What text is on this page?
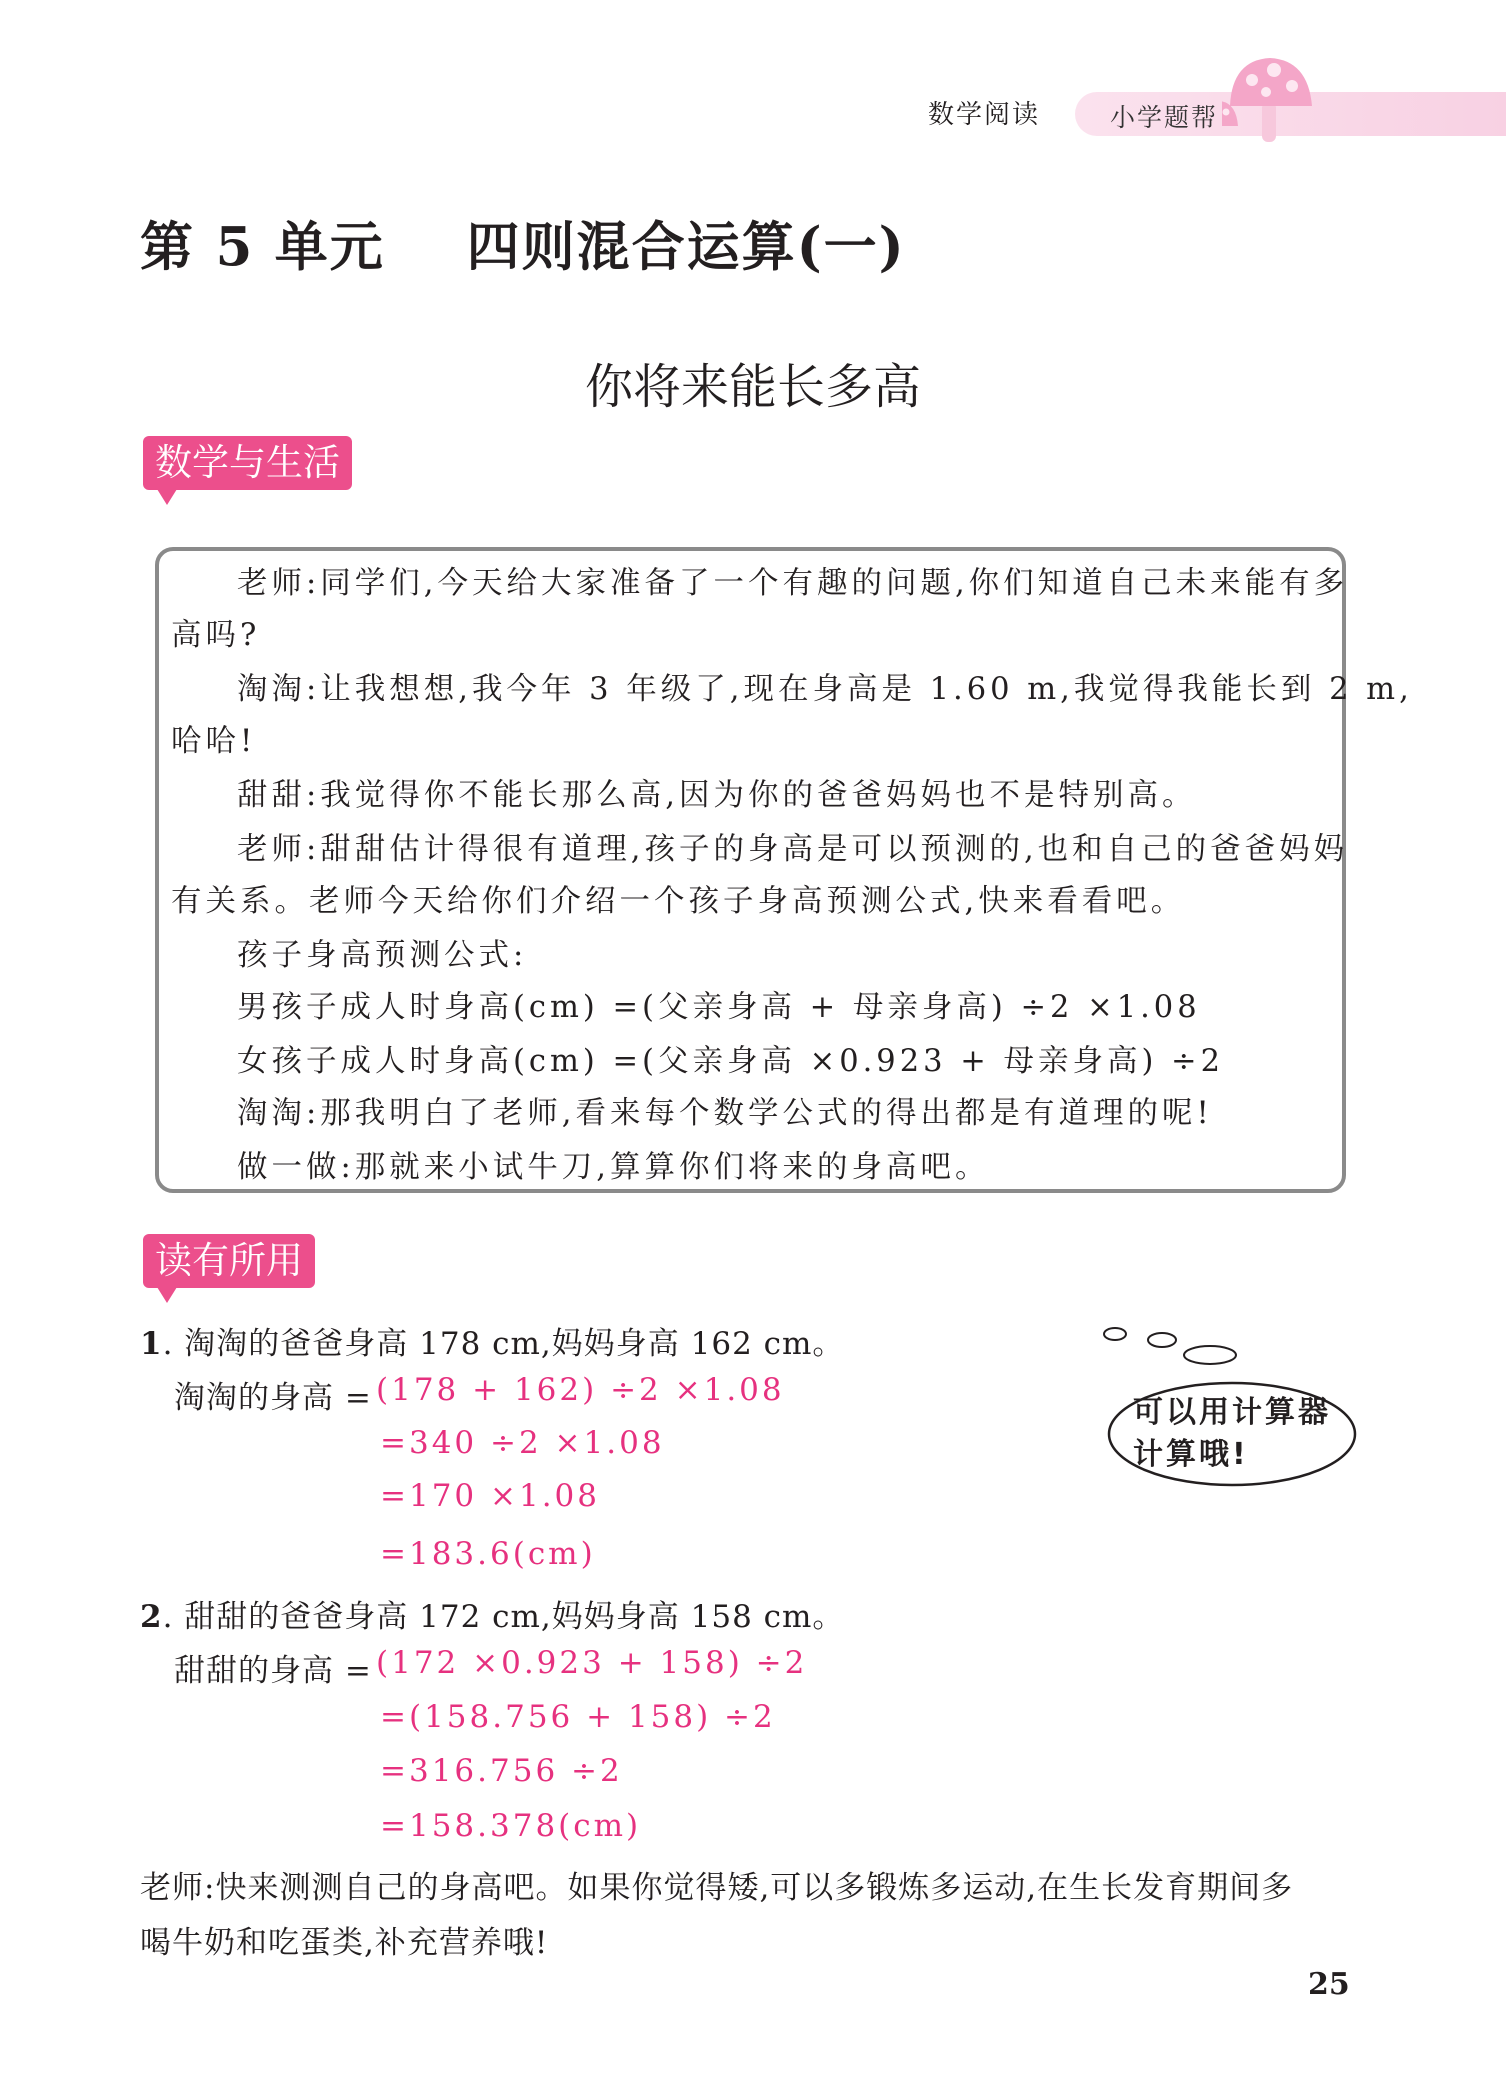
数学阅读	小学题帮
第 5 单元    四则混合运算(一)
你将来能长多高
数学与生活
老师:同学们,今天给大家准备了一个有趣的问题,你们知道自己未来能有多
高吗?
淘淘:让我想想,我今年 3 年级了,现在身高是 1.60 m,我觉得我能长到 2 m,
哈哈!
甜甜:我觉得你不能长那么高,因为你的爸爸妈妈也不是特别高。
老师:甜甜估计得很有道理,孩子的身高是可以预测的,也和自己的爸爸妈妈
有关系。老师今天给你们介绍一个孩子身高预测公式,快来看看吧。
孩子身高预测公式:
男孩子成人时身高(cm) =(父亲身高 + 母亲身高) ÷2 ×1.08
女孩子成人时身高(cm) =(父亲身高 ×0.923 + 母亲身高) ÷2
淘淘:那我明白了老师,看来每个数学公式的得出都是有道理的呢!
做一做:那就来小试牛刀,算算你们将来的身高吧。
读有所用
1. 淘淘的爸爸身高 178 cm,妈妈身高 162 cm。
淘淘的身高 = (178 + 162) ÷2 ×1.08
=340 ÷2 ×1.08
=170 ×1.08
=183.6(cm)
2. 甜甜的爸爸身高 172 cm,妈妈身高 158 cm。
甜甜的身高 = (172 ×0.923 + 158) ÷2
=(158.756 + 158) ÷2
=316.756 ÷2
=158.378(cm)
可以用计算器
计算哦!
老师:快来测测自己的身高吧。如果你觉得矮,可以多锻炼多运动,在生长发育期间多
喝牛奶和吃蛋类,补充营养哦!
25
